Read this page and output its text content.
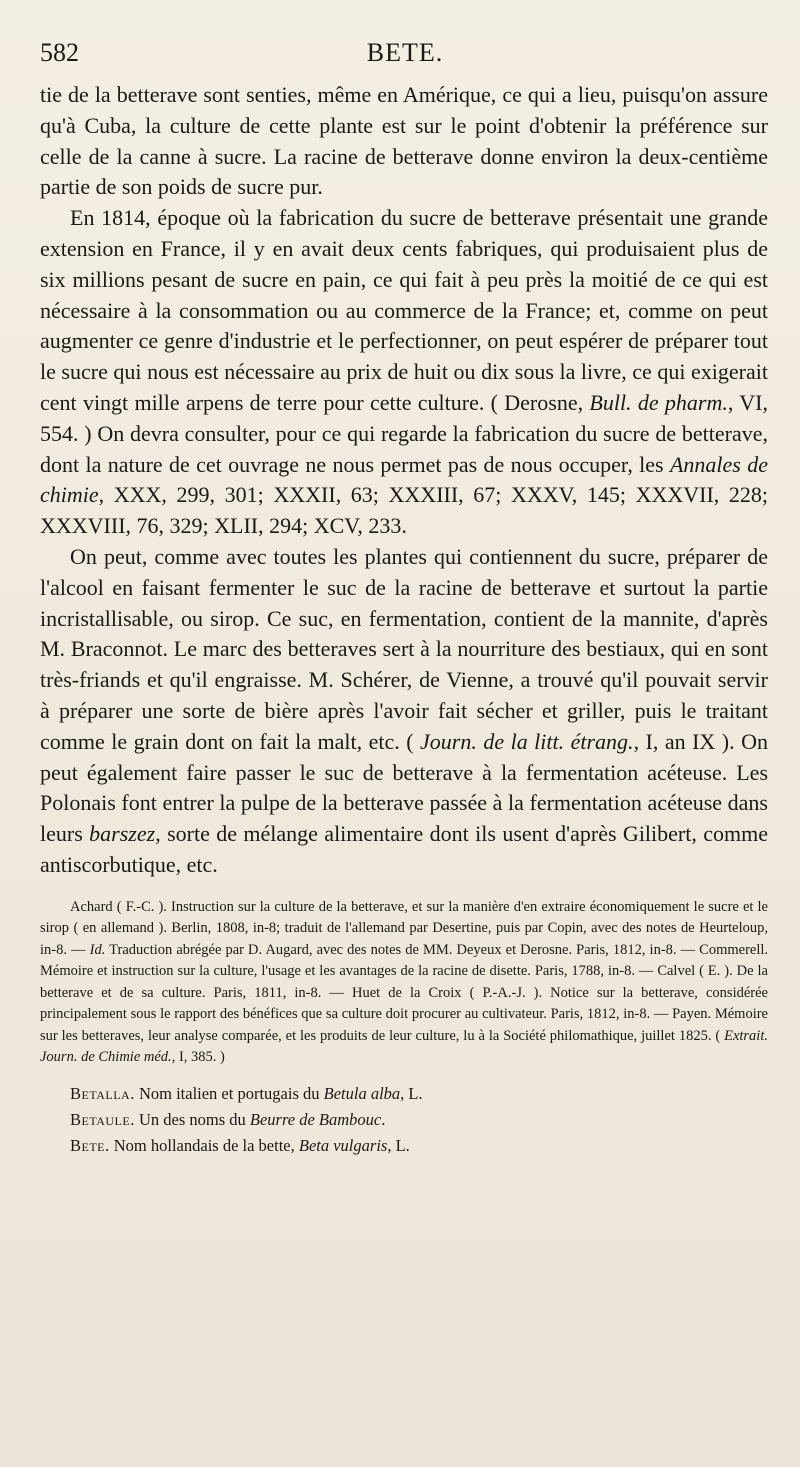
582	BETE.

tie de la betterave sont senties, même en Amérique, ce qui a lieu, puisqu'on assure qu'à Cuba, la culture de cette plante est sur le point d'obtenir la préférence sur celle de la canne à sucre. La racine de betterave donne environ la deux-centième partie de son poids de sucre pur.

En 1814, époque où la fabrication du sucre de betterave présentait une grande extension en France, il y en avait deux cents fabriques, qui produisaient plus de six millions pesant de sucre en pain, ce qui fait à peu près la moitié de ce qui est nécessaire à la consommation ou au commerce de la France; et, comme on peut augmenter ce genre d'industrie et le perfectionner, on peut espérer de préparer tout le sucre qui nous est nécessaire au prix de huit ou dix sous la livre, ce qui exigerait cent vingt mille arpens de terre pour cette culture. ( Derosne, Bull. de pharm., VI, 554. ) On devra consulter, pour ce qui regarde la fabrication du sucre de betterave, dont la nature de cet ouvrage ne nous permet pas de nous occuper, les Annales de chimie, XXX, 299, 301; XXXII, 63; XXXIII, 67; XXXV, 145; XXXVII, 228; XXXVIII, 76, 329; XLII, 294; XCV, 233.

On peut, comme avec toutes les plantes qui contiennent du sucre, préparer de l'alcool en faisant fermenter le suc de la racine de betterave et surtout la partie incristallisable, ou sirop. Ce suc, en fermentation, contient de la mannite, d'après M. Braconnot. Le marc des betteraves sert à la nourriture des bestiaux, qui en sont très-friands et qu'il engraisse. M. Schérer, de Vienne, a trouvé qu'il pouvait servir à préparer une sorte de bière après l'avoir fait sécher et griller, puis le traitant comme le grain dont on fait la malt, etc. ( Journ. de la litt. étrang., I, an IX ). On peut également faire passer le suc de betterave à la fermentation acéteuse. Les Polonais font entrer la pulpe de la betterave passée à la fermentation acéteuse dans leurs barszez, sorte de mélange alimentaire dont ils usent d'après Gilibert, comme antiscorbutique, etc.

Achard ( F.-C. ). Instruction sur la culture de la betterave, et sur la manière d'en extraire économiquement le sucre et le sirop ( en allemand ). Berlin, 1808, in-8; traduit de l'allemand par Desertine, puis par Copin, avec des notes de Heurteloup, in-8. — Id. Traduction abrégée par D. Augard, avec des notes de MM. Deyeux et Derosne. Paris, 1812, in-8. — Commerell. Mémoire et instruction sur la culture, l'usage et les avantages de la racine de disette. Paris, 1788, in-8. — Calvel ( E. ). De la betterave et de sa culture. Paris, 1811, in-8. — Huet de la Croix ( P.-A.-J. ). Notice sur la betterave, considérée principalement sous le rapport des bénéfices que sa culture doit procurer au cultivateur. Paris, 1812, in-8. — Payen. Mémoire sur les betteraves, leur analyse comparée, et les produits de leur culture, lu à la Société philomathique, juillet 1825. ( Extrait. Journ. de Chimie méd., I, 385. )

Betalla. Nom italien et portugais du Betula alba, L.

Betaule. Un des noms du Beurre de Bambouc.

Bete. Nom hollandais de la bette, Beta vulgaris, L.
